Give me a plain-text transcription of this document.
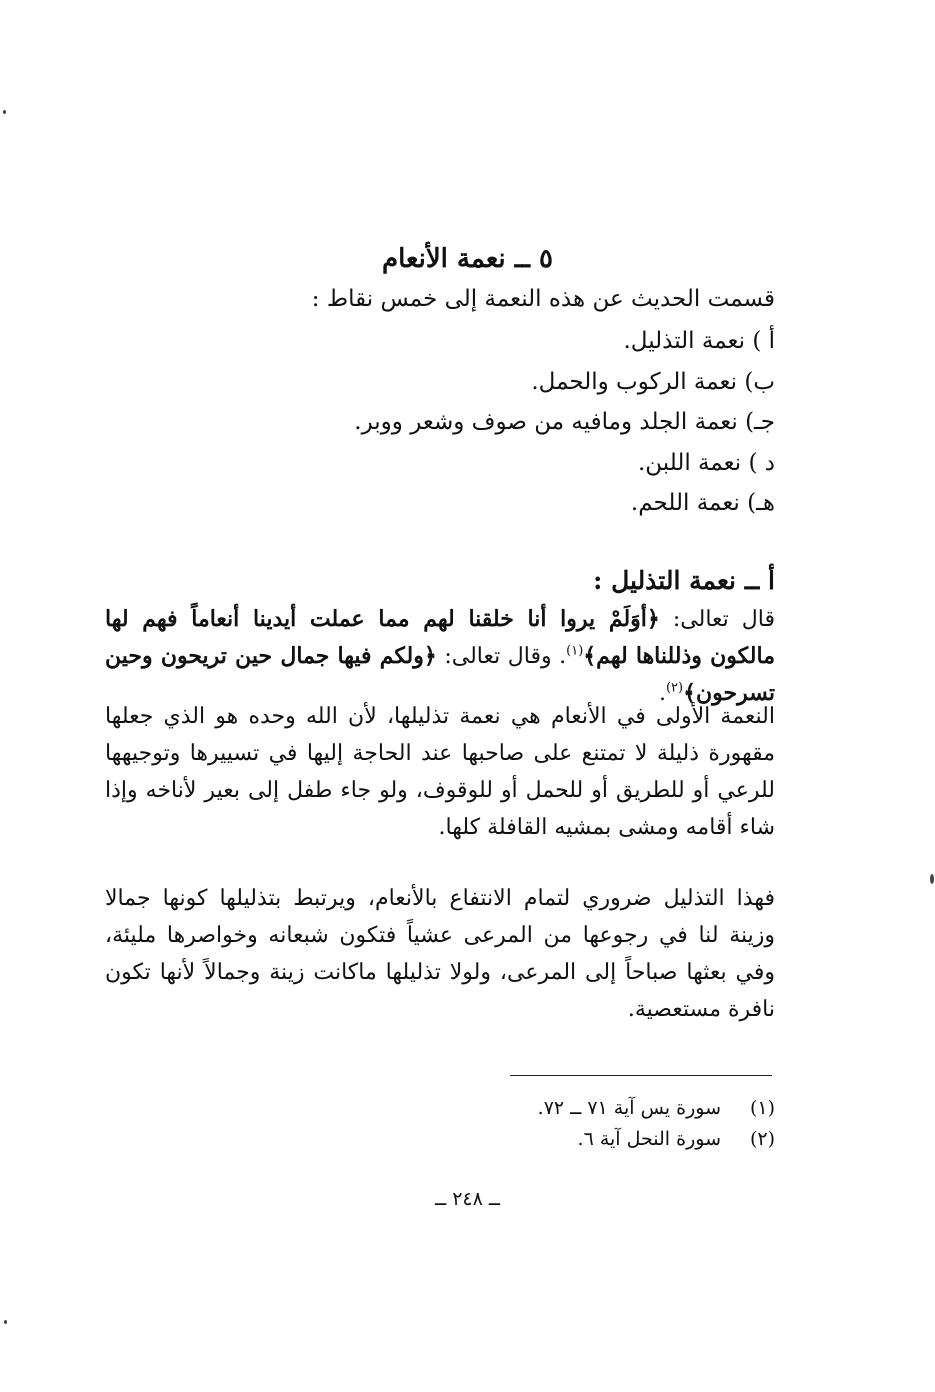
٥ ــ نعمة الأنعام
قسمت الحديث عن هذه النعمة إلى خمس نقاط :
أ ) نعمة التذليل.
ب) نعمة الركوب والحمل.
جـ) نعمة الجلد ومافيه من صوف وشعر ووبر.
د ) نعمة اللبن.
هـ) نعمة اللحم.
أ ــ نعمة التذليل :

قال تعالى: ﴿أوَلَمْ يروا أنا خلقنا لهم مما عملت أيدينا أنعاماً فهم لها مالكون وذللناها لهم﴾$^{(١)}$. وقال تعالى: ﴿ولكم فيها جمال حين تريحون وحين تسرحون﴾$^{(٢)}$.

النعمة الأولى في الأنعام هي نعمة تذليلها، لأن الله وحده هو الذي جعلها مقهورة ذليلة لا تمتنع على صاحبها عند الحاجة إليها في تسييرها وتوجيهها للرعي أو للطريق أو للحمل أو للوقوف، ولو جاء طفل إلى بعير لأناخه وإذا شاء أقامه ومشى بمشيه القافلة كلها.

فهذا التذليل ضروري لتمام الانتفاع بالأنعام، ويرتبط بتذليلها كونها جمالا وزينة لنا في رجوعها من المرعى عشياً فتكون شبعانه وخواصرها مليئة، وفي بعثها صباحاً إلى المرعى، ولولا تذليلها ماكانت زينة وجمالاً لأنها تكون نافرة مستعصية.

(١)سورة يس آية ٧١ ــ ٧٢.
(٢)سورة النحل آية ٦.
ــ ٢٤٨ ــ
